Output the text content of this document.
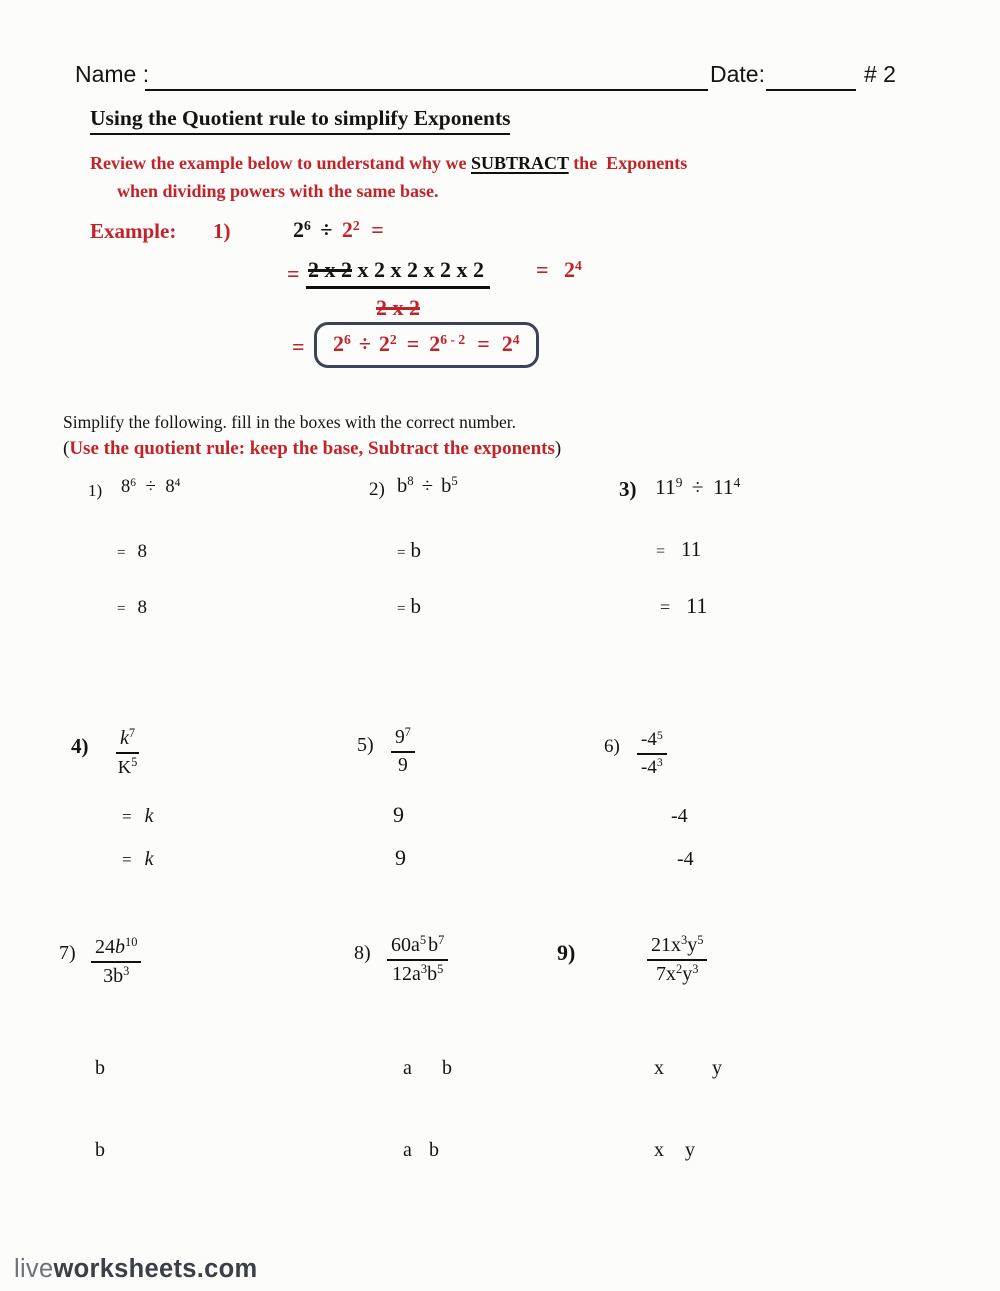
Name :	Date:	# 2
Using the Quotient rule to simplify Exponents
Review the example below to understand why we SUBTRACT the  Exponents
when dividing powers with the same base.
Example: 1)	$2^6 \div 2^2$ =
= 2 x 2 x 2 x 2 x 2 x $2 = 2^4$
2 x 2
= $2^6 \div 2^2 = 2^{6 - 2} = 2^4$
Simplify the following. fill in the boxes with the correct number.
(Use the quotient rule: keep the base, Subtract the exponents)
1) $8^6 \div 8^4$	2) $b^8 \div b^5$	3) $11^9 \div 11^4$
= 8	= b	= 11
= 8	= b	= 11
$4) \frac{k^7}{K^5}$	$5) \frac{9^7}{9}$	$6) \frac{-4^5}{-4^3}$
= k	9	-4
= k	9	-4
$7) \frac{24b^{10}}{3b^3}$	$8) \frac{60a^5 b^7}{12a^3b^5}$	9)	$\frac{21x^3y^5}{7x^2y^3}$
b	a b	x y
b	a b	x y
liveworksheets.com
